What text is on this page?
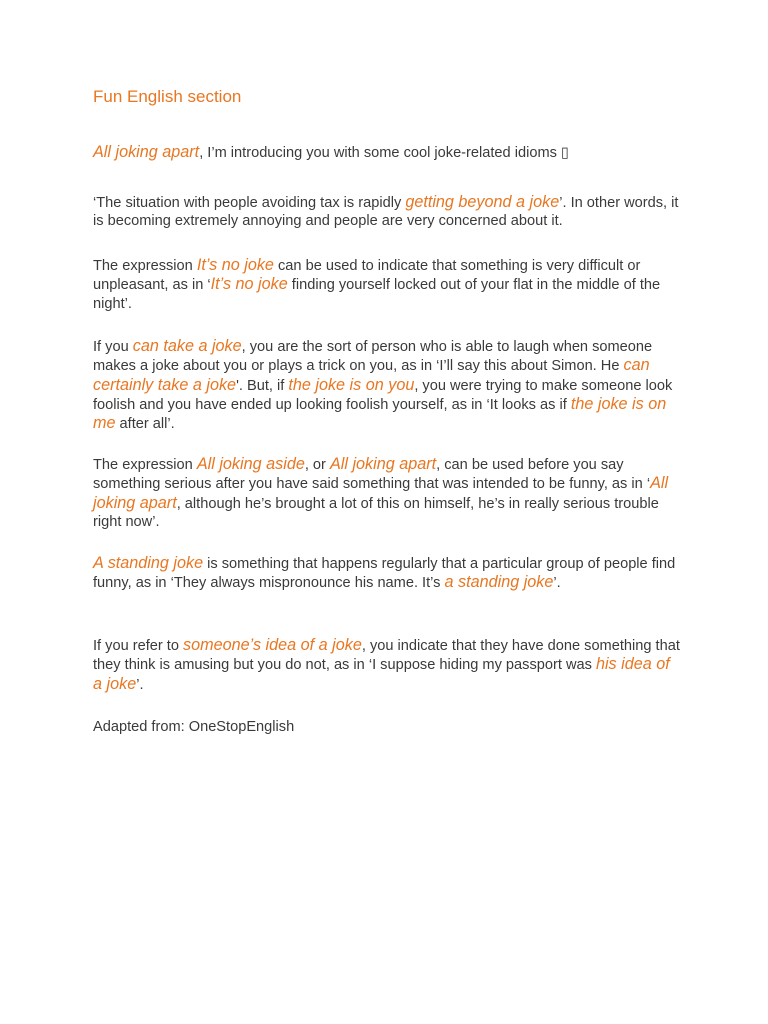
Fun English section
All joking apart, I’m introducing you with some cool joke-related idioms ▯
‘The situation with people avoiding tax is rapidly getting beyond a joke’. In other words, it is becoming extremely annoying and people are very concerned about it.
The expression It’s no joke can be used to indicate that something is very difficult or unpleasant, as in ‘It’s no joke finding yourself locked out of your flat in the middle of the night’.
If you can take a joke, you are the sort of person who is able to laugh when someone makes a joke about you or plays a trick on you, as in ‘I’ll say this about Simon. He can certainly take a joke'. But, if the joke is on you, you were trying to make someone look foolish and you have ended up looking foolish yourself, as in ‘It looks as if the joke is on me after all’.
The expression All joking aside, or All joking apart, can be used before you say something serious after you have said something that was intended to be funny, as in ‘All joking apart, although he’s brought a lot of this on himself, he’s in really serious trouble right now’.
A standing joke is something that happens regularly that a particular group of people find funny, as in ‘They always mispronounce his name. It’s a standing joke’.
If you refer to someone’s idea of a joke, you indicate that they have done something that they think is amusing but you do not, as in ‘I suppose hiding my passport was his idea of a joke’.
Adapted from: OneStopEnglish
